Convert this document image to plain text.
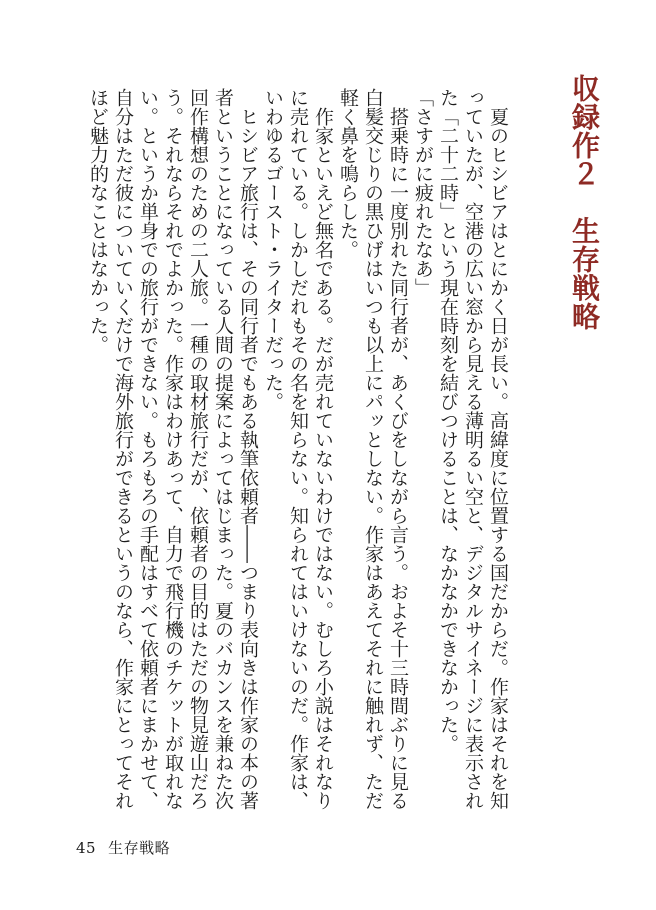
収録作２　生存戦略

夏のヒシビアはとにかく日が長い。高緯度に位置する国だからだ。作家はそれを知っていたが、空港の広い窓から見える薄明るい空と、デジタルサイネージに表示された「二十二時」という現在時刻を結びつけることは、なかなかできなかった。

「さすがに疲れたなあ」

搭乗時に一度別れた同行者が、あくびをしながら言う。およそ十三時間ぶりに見る白髪交じりの黒ひげはいつも以上にパッとしない。作家はあえてそれに触れず、ただ軽く鼻を鳴らした。

作家といえど無名である。だが売れていないわけではない。むしろ小説はそれなりに売れている。しかしだれもその名を知らない。知られてはいけないのだ。作家は、いわゆるゴースト・ライターだった。

ヒシビア旅行は、その同行者でもある執筆依頼者――つまり表向きは作家の本の著者ということになっている人間の提案によってはじまった。夏のバカンスを兼ねた次回作構想のための二人旅。一種の取材旅行だが、依頼者の目的はただの物見遊山だろう。それならそれでよかった。作家はわけあって、自力で飛行機のチケットが取れない。というか単身での旅行ができない。もろもろの手配はすべて依頼者にまかせて、自分はただ彼についていくだけで海外旅行ができるというのなら、作家にとってそれほど魅力的なことはなかった。

45 生存戦略
